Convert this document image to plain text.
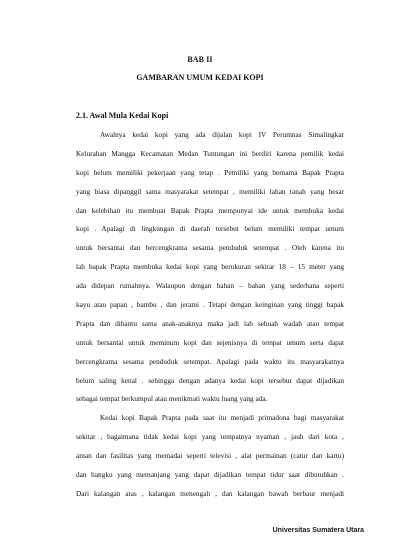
BAB II
GAMBARAN UMUM KEDAI KOPI
2.1. Awal Mula Kedai Kopi
Awalnya kedai kopi yang ada dijalan kopi IV Perumnas Simalingkar
Kelurahan Mangga Kecamatan Medan Tuntungan ini berdiri karena pemilik kedai
kopi belum memiliki pekerjaan yang tetap . Pemiliki yang bernama Bapak Prapta
yang biasa dipanggil sama masyarakat setempat , memiliki lahan tanah yang besar
dan kelebihan itu membuat Bapak Prapta mempunyai ide untuk membuka kedai
kopi . Apalagi di lingkungan di daerah tersebut belum memiliki tempat umum
untuk bersantai dan bercengkrama sesama penduduk setempat . Oleh karena itu
lah bapak Prapta membuka kedai kopi yang berukuran sekitar 18 – 15 meter yang
ada didepan rumahnya. Walaupun dengan bahan – bahan yang sederhana seperti
kayu atau papan , bambu , dan jerami . Tetapi dengan keinginan yang tinggi bapak
Prapta dan dibantu sama anak-anaknya maka jadi lah sebuah wadah atau tempat
untuk bersantai untuk meminum kopi dan sejenisnya di tempat umum serta dapat
bercengkrama sesama penduduk setempat. Apalagi pada waktu itu masyarakatnya
belum saling kenal . sehingga dengan adanya kedai kopi tersebut dapat dijadikan
sebagai tempat berkumpul atau menikmati waktu luang yang ada.
Kedai kopi Bapak Prapta pada saat itu menjadi primadona bagi masyarakat
sekitar , bagaimana tidak kedai kopi yang tempatnya nyaman , jauh dari kota ,
aman dan fasilitas yang memadai seperti televisi , alat permainan (catur dan kartu)
dan bangku yang memanjang yang dapat dijadikan tempat tidur saat dibutuhkan .
Dari kalangan atas , kalangan menengah , dan kalangan bawah berbaur menjadi
Universitas Sumatera Utara
